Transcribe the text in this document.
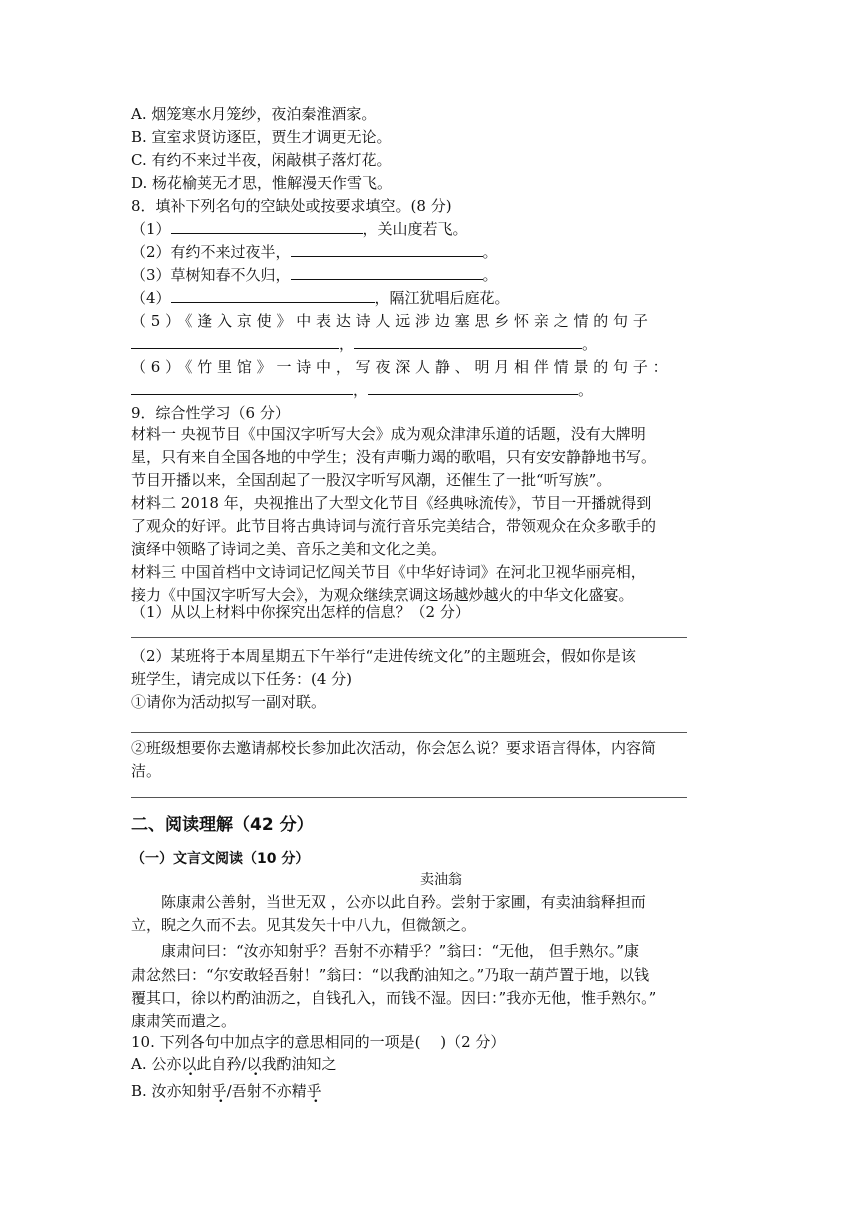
A. 烟笼寒水月笼纱，夜泊秦淮酒家。
B. 宣室求贤访逐臣，贾生才调更无论。
C. 有约不来过半夜，闲敲棋子落灯花。
D. 杨花榆荚无才思，惟解漫天作雪飞。
8．填补下列名句的空缺处或按要求填空。(8 分)
（1）	，关山度若飞。
（2）有约不来过夜半，	。
（3）草树知春不久归，	。
（4）	，隔江犹唱后庭花。
（5）《逢入京使》中表达诗人远涉边塞思乡怀亲之情的句子
，	。
（6）《竹里馆》一诗中，写夜深人静、明月相伴情景的句子：
，	。
9．综合性学习（6 分）
材料一 央视节目《中国汉字听写大会》成为观众津津乐道的话题，没有大牌明
星，只有来自全国各地的中学生；没有声嘶力竭的歌唱，只有安安静静地书写。
节目开播以来，全国刮起了一股汉字听写风潮，还催生了一批“听写族”。
材料二 2018 年，央视推出了大型文化节目《经典咏流传》，节目一开播就得到
了观众的好评。此节目将古典诗词与流行音乐完美结合，带领观众在众多歌手的
演绎中领略了诗词之美、音乐之美和文化之美。
材料三 中国首档中文诗词记忆闯关节目《中华好诗词》在河北卫视华丽亮相，
接力《中国汉字听写大会》，为观众继续烹调这场越炒越火的中华文化盛宴。
（1）从以上材料中你探究出怎样的信息？（2 分）
（2）某班将于本周星期五下午举行“走进传统文化”的主题班会，假如你是该
班学生，请完成以下任务：(4 分)
①请你为活动拟写一副对联。
②班级想要你去邀请郝校长参加此次活动，你会怎么说？要求语言得体，内容简
洁。
二、阅读理解（42 分）
（一）文言文阅读（10 分）
卖油翁
陈康肃公善射，当世无双 ，公亦以此自矜。尝射于家圃，有卖油翁释担而
立，睨之久而不去。见其发矢十中八九，但微颔之。
康肃问曰：“汝亦知射乎？吾射不亦精乎？”翁曰：“无他， 但手熟尔。”康
肃忿然曰：“尔安敢轻吾射！”翁曰：“以我酌油知之。”乃取一葫芦置于地，以钱
覆其口，徐以杓酌油沥之，自钱孔入，而钱不湿。因曰：”我亦无他，惟手熟尔。”
康肃笑而遣之。
10. 下列各句中加点字的意思相同的一项是(　 )（2 分）
A. 公亦以此自矜/以我酌油知之
B. 汝亦知射乎/吾射不亦精乎
